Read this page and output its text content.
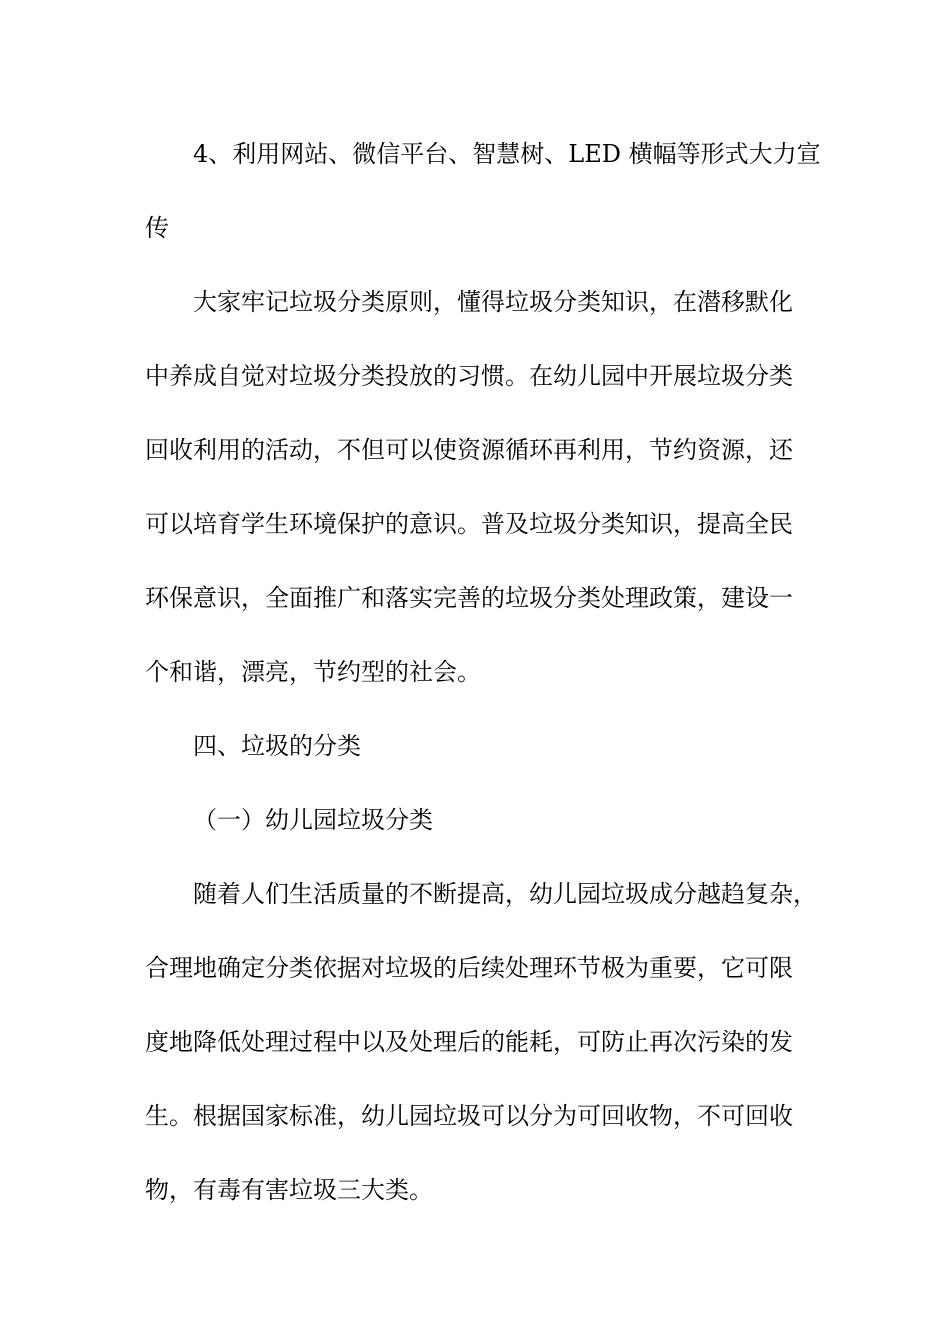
4、利用网站、微信平台、智慧树、LED 横幅等形式大力宣
传
大家牢记垃圾分类原则，懂得垃圾分类知识，在潜移默化
中养成自觉对垃圾分类投放的习惯。在幼儿园中开展垃圾分类
回收利用的活动，不但可以使资源循环再利用，节约资源，还
可以培育学生环境保护的意识。普及垃圾分类知识，提高全民
环保意识，全面推广和落实完善的垃圾分类处理政策，建设一
个和谐，漂亮，节约型的社会。
四、垃圾的分类
（一）幼儿园垃圾分类
随着人们生活质量的不断提高，幼儿园垃圾成分越趋复杂，
合理地确定分类依据对垃圾的后续处理环节极为重要，它可限
度地降低处理过程中以及处理后的能耗，可防止再次污染的发
生。根据国家标准，幼儿园垃圾可以分为可回收物，不可回收
物，有毒有害垃圾三大类。
